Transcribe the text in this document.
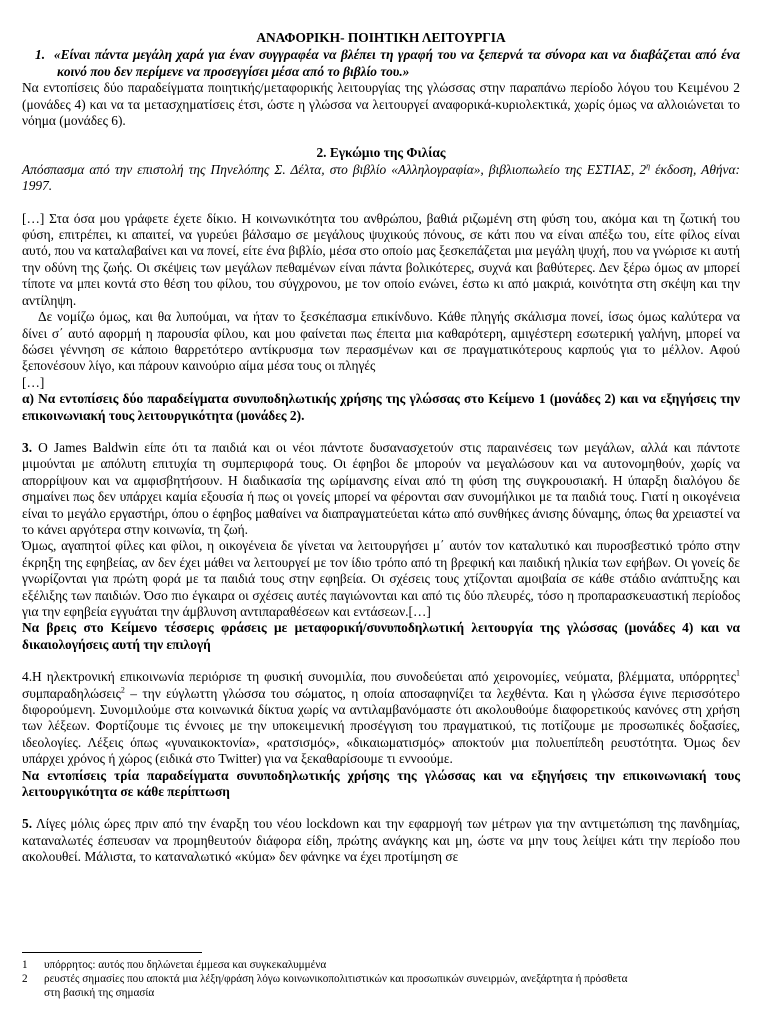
ΑΝΑΦΟΡΙΚΗ- ΠΟΙΗΤΙΚΗ ΛΕΙΤΟΥΡΓΙΑ

1. «Είναι πάντα μεγάλη χαρά για έναν συγγραφέα να βλέπει τη γραφή του να ξεπερνά τα σύνορα και να διαβάζεται από ένα κοινό που δεν περίμενε να προσεγγίσει μέσα από το βιβλίο του.»

Να εντοπίσεις δύο παραδείγματα ποιητικής/μεταφορικής λειτουργίας της γλώσσας στην παραπάνω περίοδο λόγου του Κειμένου 2 (μονάδες 4) και να τα μετασχηματίσεις έτσι, ώστε η γλώσσα να λειτουργεί αναφορικά-κυριολεκτικά, χωρίς όμως να αλλοιώνεται το νόημα (μονάδες 6).

2. Εγκώμιο της Φιλίας

Απόσπασμα από την επιστολή της Πηνελόπης Σ. Δέλτα, στο βιβλίο «Αλληλογραφία», βιβλιοπωλείο της ΕΣΤΙΑΣ, $2^\eta$ έκδοση, Αθήνα: 1997.

[…] Στα όσα μου γράφετε έχετε δίκιο. Η κοινωνικότητα του ανθρώπου, βαθιά ριζωμένη στη φύση του, ακόμα και τη ζωτική του φύση, επιτρέπει, κι απαιτεί, να γυρεύει βάλσαμο σε μεγάλους ψυχικούς πόνους, σε κάτι που να είναι απέξω του, είτε φίλος είναι αυτό, που να καταλαβαίνει και να πονεί, είτε ένα βιβλίο, μέσα στο οποίο μας ξεσκεπάζεται μια μεγάλη ψυχή, που να γνώρισε κι αυτή την οδύνη της ζωής. Οι σκέψεις των μεγάλων πεθαμένων είναι πάντα βολικότερες, συχνά και βαθύτερες. Δεν ξέρω όμως αν μπορεί τίποτε να μπει κοντά στο θέση του φίλου, του σύγχρονου, με τον οποίο ενώνει, έστω κι από μακριά, κοινότητα στη σκέψη και την αντίληψη.

Δε νομίζω όμως, και θα λυπούμαι, να ήταν το ξεσκέπασμα επικίνδυνο. Κάθε πληγής σκάλισμα πονεί, ίσως όμως καλύτερα να δίνει σ΄ αυτό αφορμή η παρουσία φίλου, και μου φαίνεται πως έπειτα μια καθαρότερη, αμιγέστερη εσωτερική γαλήνη, μπορεί να δώσει γέννηση σε κάποιο θαρρετότερο αντίκρυσμα των περασμένων και σε πραγματικότερους καρπούς για το μέλλον. Αφού ξεπονέσουν λίγο, και πάρουν καινούριο αίμα μέσα τους οι πληγές

[…]

α) Να εντοπίσεις δύο παραδείγματα συνυποδηλωτικής χρήσης της γλώσσας στο Κείμενο 1 (μονάδες 2) και να εξηγήσεις την επικοινωνιακή τους λειτουργικότητα (μονάδες 2).

3. O James Baldwin είπε ότι τα παιδιά και οι νέοι πάντοτε δυσανασχετούν στις παραινέσεις των μεγάλων, αλλά και πάντοτε μιμούνται με απόλυτη επιτυχία τη συμπεριφορά τους. Οι έφηβοι δε μπορούν να μεγαλώσουν και να αυτονομηθούν, χωρίς να απορρίψουν και να αμφισβητήσουν. Η διαδικασία της ωρίμανσης είναι από τη φύση της συγκρουσιακή. Η ύπαρξη διαλόγου δε σημαίνει πως δεν υπάρχει καμία εξουσία ή πως οι γονείς μπορεί να φέρονται σαν συνομήλικοι με τα παιδιά τους. Γιατί η οικογένεια είναι το μεγάλο εργαστήρι, όπου ο έφηβος μαθαίνει να διαπραγματεύεται κάτω από συνθήκες άνισης δύναμης, όπως θα χρειαστεί να το κάνει αργότερα στην κοινωνία, τη ζωή.

Όμως, αγαπητοί φίλες και φίλοι, η οικογένεια δε γίνεται να λειτουργήσει μ΄ αυτόν τον καταλυτικό και πυροσβεστικό τρόπο στην έκρηξη της εφηβείας, αν δεν έχει μάθει να λειτουργεί με τον ίδιο τρόπο από τη βρεφική και παιδική ηλικία των εφήβων. Οι γονείς δε γνωρίζονται για πρώτη φορά με τα παιδιά τους στην εφηβεία. Οι σχέσεις τους χτίζονται αμοιβαία σε κάθε στάδιο ανάπτυξης και εξέλιξης των παιδιών. Όσο πιο έγκαιρα οι σχέσεις αυτές παγιώνονται και από τις δύο πλευρές, τόσο η προπαρασκευαστική περίοδος για την εφηβεία εγγυάται την άμβλυνση αντιπαραθέσεων και εντάσεων.[…]

Να βρεις στο Κείμενο τέσσερις φράσεις με μεταφορική/συνυποδηλωτική λειτουργία της γλώσσας (μονάδες 4) και να δικαιολογήσεις αυτή την επιλογή

4.Η ηλεκτρονική επικοινωνία περιόρισε τη φυσική συνομιλία, που συνοδεύεται από χειρονομίες, νεύματα, βλέμματα, υπόρρητες$^1$ συμπαραδηλώσεις$^2$ – την εύγλωττη γλώσσα του σώματος, η οποία αποσαφηνίζει τα λεχθέντα. Και η γλώσσα έγινε περισσότερο διφορούμενη. Συνομιλούμε στα κοινωνικά δίκτυα χωρίς να αντιλαμβανόμαστε ότι ακολουθούμε διαφορετικούς κανόνες στη χρήση των λέξεων. Φορτίζουμε τις έννοιες με την υποκειμενική προσέγγιση του πραγματικού, τις ποτίζουμε με προσωπικές δοξασίες, ιδεολογίες. Λέξεις όπως «γυναικοκτονία», «ρατσισμός», «δικαιωματισμός» αποκτούν μια πολυεπίπεδη ρευστότητα. Όμως δεν υπάρχει χρόνος ή χώρος (ειδικά στο Twitter) για να ξεκαθαρίσουμε τι εννοούμε.

Να εντοπίσεις τρία παραδείγματα συνυποδηλωτικής χρήσης της γλώσσας και να εξηγήσεις την επικοινωνιακή τους λειτουργικότητα σε κάθε περίπτωση

5. Λίγες μόλις ώρες πριν από την έναρξη του νέου lockdown και την εφαρμογή των μέτρων για την αντιμετώπιση της πανδημίας, καταναλωτές έσπευσαν να προμηθευτούν διάφορα είδη, πρώτης ανάγκης και μη, ώστε να μην τους λείψει κάτι την περίοδο που ακολουθεί. Μάλιστα, το καταναλωτικό «κύμα» δεν φάνηκε να έχει προτίμηση σε

1	υπόρρητος: αυτός που δηλώνεται έμμεσα και συγκεκαλυμμένα
2	ρευστές σημασίες που αποκτά μια λέξη/φράση λόγω κοινωνικοπολιτιστικών και προσωπικών συνειρμών, ανεξάρτητα ή πρόσθετα
στη βασική της σημασία
